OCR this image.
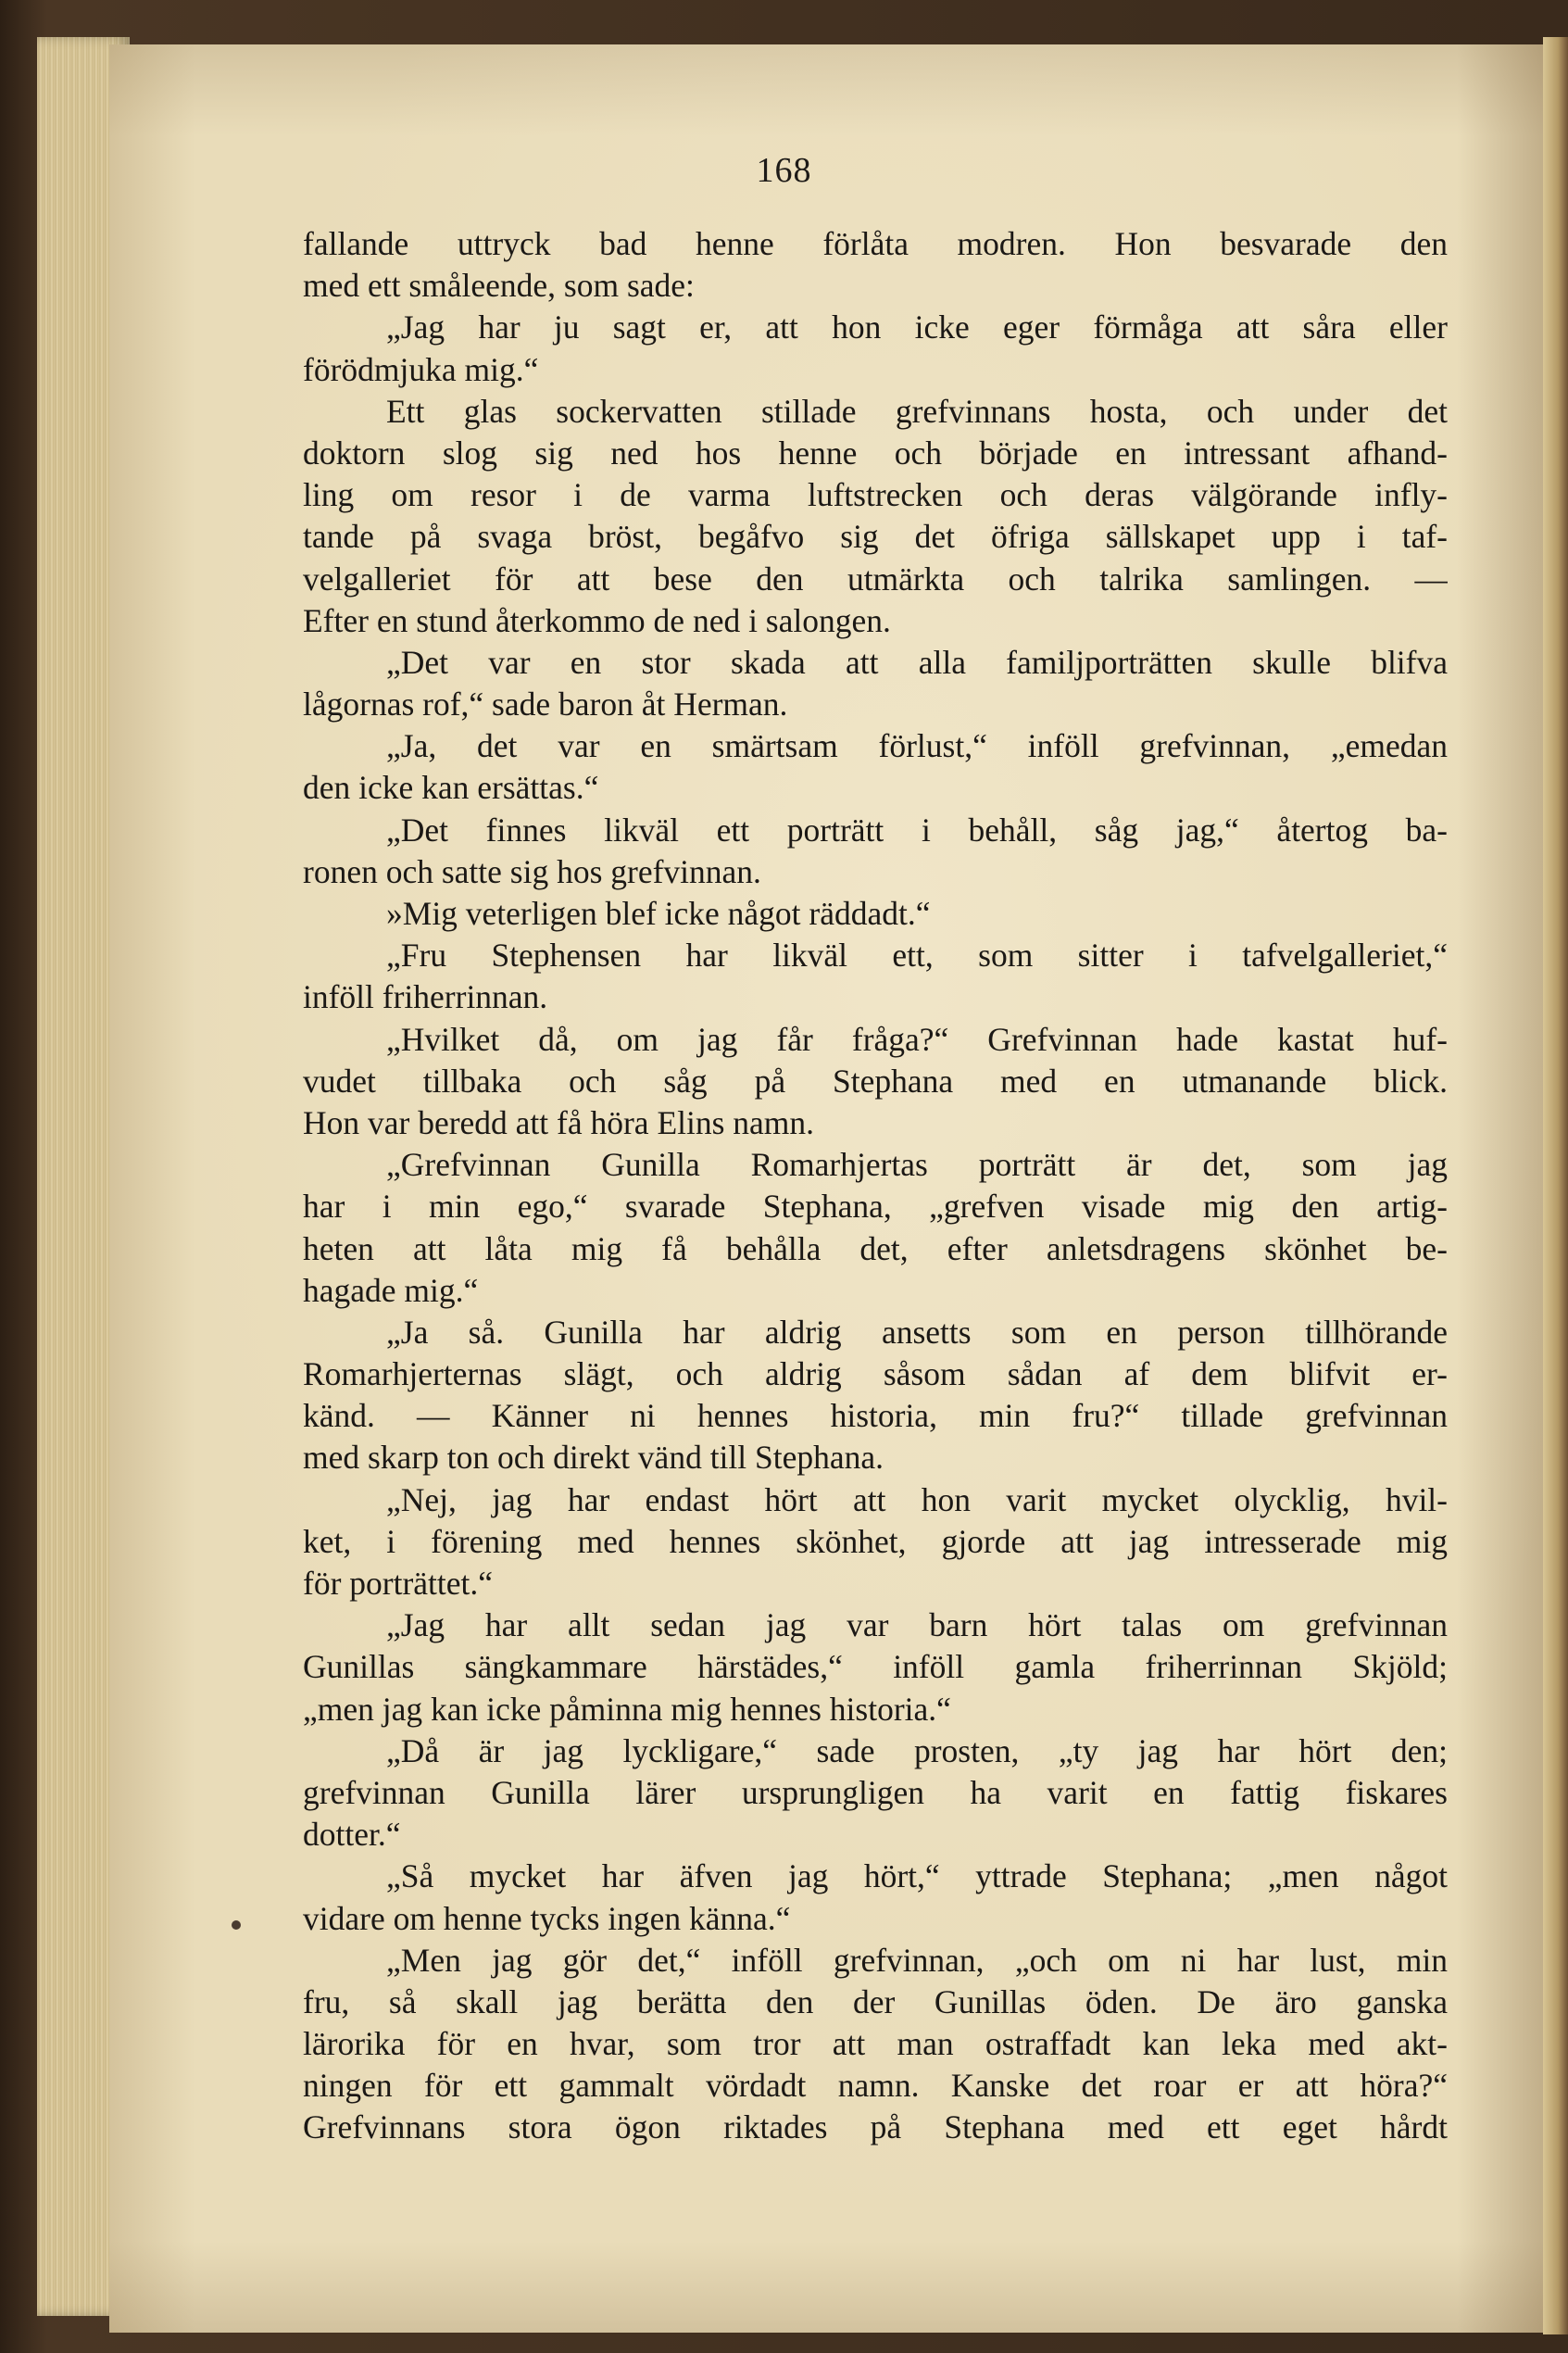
168
fallande uttryck bad henne förlåta modren. Hon besvarade den
med ett småleende, som sade:
„Jag har ju sagt er, att hon icke eger förmåga att såra eller
förödmjuka mig.“
Ett glas sockervatten stillade grefvinnans hosta, och under det
doktorn slog sig ned hos henne och började en intressant afhand-
ling om resor i de varma luftstrecken och deras välgörande infly-
tande på svaga bröst, begåfvo sig det öfriga sällskapet upp i taf-
velgalleriet för att bese den utmärkta och talrika samlingen. —
Efter en stund återkommo de ned i salongen.
„Det var en stor skada att alla familjporträtten skulle blifva
lågornas rof,“ sade baron åt Herman.
„Ja, det var en smärtsam förlust,“ inföll grefvinnan, „emedan
den icke kan ersättas.“
„Det finnes likväl ett porträtt i behåll, såg jag,“ återtog ba-
ronen och satte sig hos grefvinnan.
»Mig veterligen blef icke något räddadt.“
„Fru Stephensen har likväl ett, som sitter i tafvelgalleriet,“
inföll friherrinnan.
„Hvilket då, om jag får fråga?“ Grefvinnan hade kastat huf-
vudet tillbaka och såg på Stephana med en utmanande blick.
Hon var beredd att få höra Elins namn.
„Grefvinnan Gunilla Romarhjertas porträtt är det, som jag
har i min ego,“ svarade Stephana, „grefven visade mig den artig-
heten att låta mig få behålla det, efter anletsdragens skönhet be-
hagade mig.“
„Ja så. Gunilla har aldrig ansetts som en person tillhörande
Romarhjerternas slägt, och aldrig såsom sådan af dem blifvit er-
känd. — Känner ni hennes historia, min fru?“ tillade grefvinnan
med skarp ton och direkt vänd till Stephana.
„Nej, jag har endast hört att hon varit mycket olycklig, hvil-
ket, i förening med hennes skönhet, gjorde att jag intresserade mig
för porträttet.“
„Jag har allt sedan jag var barn hört talas om grefvinnan
Gunillas sängkammare härstädes,“ inföll gamla friherrinnan Skjöld;
„men jag kan icke påminna mig hennes historia.“
„Då är jag lyckligare,“ sade prosten, „ty jag har hört den;
grefvinnan Gunilla lärer ursprungligen ha varit en fattig fiskares
dotter.“
„Så mycket har äfven jag hört,“ yttrade Stephana; „men något
vidare om henne tycks ingen känna.“
„Men jag gör det,“ inföll grefvinnan, „och om ni har lust, min
fru, så skall jag berätta den der Gunillas öden. De äro ganska
lärorika för en hvar, som tror att man ostraffadt kan leka med akt-
ningen för ett gammalt vördadt namn. Kanske det roar er att höra?“
Grefvinnans stora ögon riktades på Stephana med ett eget hårdt
